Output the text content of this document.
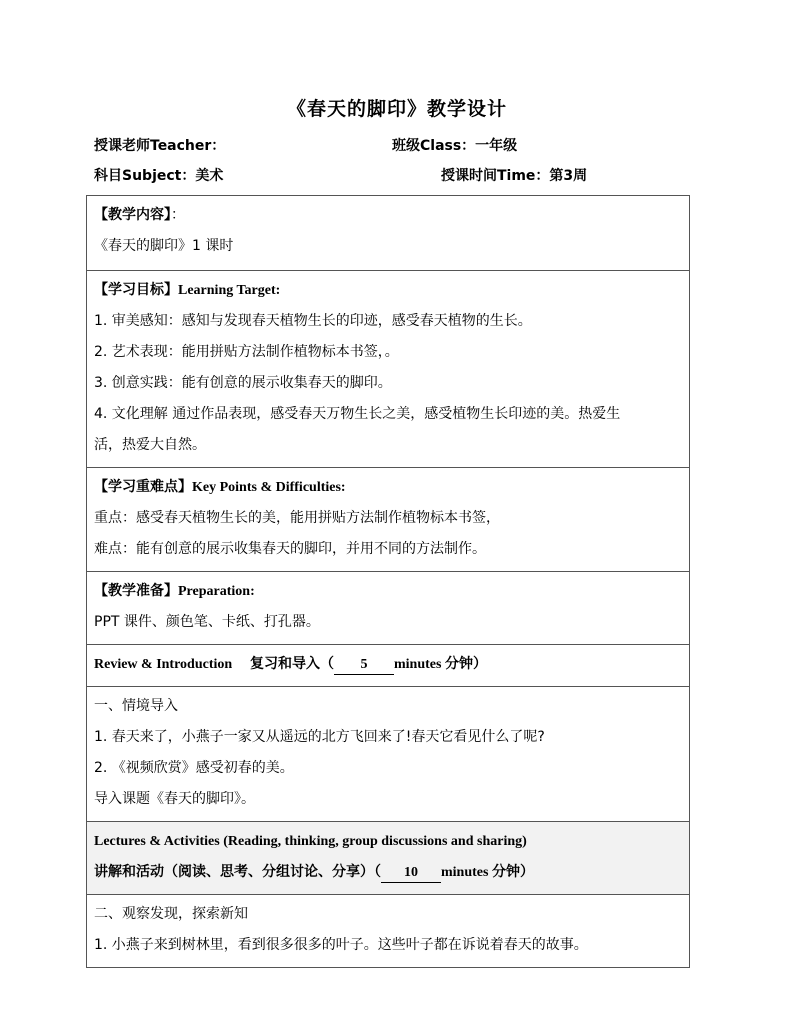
《春天的脚印》教学设计
授课老师Teacher：	班级Class：一年级
科目Subject：美术	授课时间Time：第3周
【教学内容】：
《春天的脚印》1 课时

【学习目标】Learning Target:
1. 审美感知：感知与发现春天植物生长的印迹，感受春天植物的生长。
2. 艺术表现：能用拼贴方法制作植物标本书签，。
3. 创意实践：能有创意的展示收集春天的脚印。
4. 文化理解 通过作品表现，感受春天万物生长之美，感受植物生长印迹的美。热爱生
活，热爱大自然。

【学习重难点】Key Points & Difficulties:
重点：感受春天植物生长的美，能用拼贴方法制作植物标本书签，
难点：能有创意的展示收集春天的脚印，并用不同的方法制作。

【教学准备】Preparation:
PPT 课件、颜色笔、卡纸、打孔器。

Review & Introduction 复习和导入（ 5 minutes 分钟）

一、情境导入
1. 春天来了，小燕子一家又从遥远的北方飞回来了!春天它看见什么了呢?
2. 《视频欣赏》感受初春的美。
导入课题《春天的脚印》。

Lectures & Activities (Reading, thinking, group discussions and sharing)
讲解和活动（阅读、思考、分组讨论、分享）（ 10 minutes 分钟）

二、观察发现，探索新知
1. 小燕子来到树林里，看到很多很多的叶子。这些叶子都在诉说着春天的故事。
